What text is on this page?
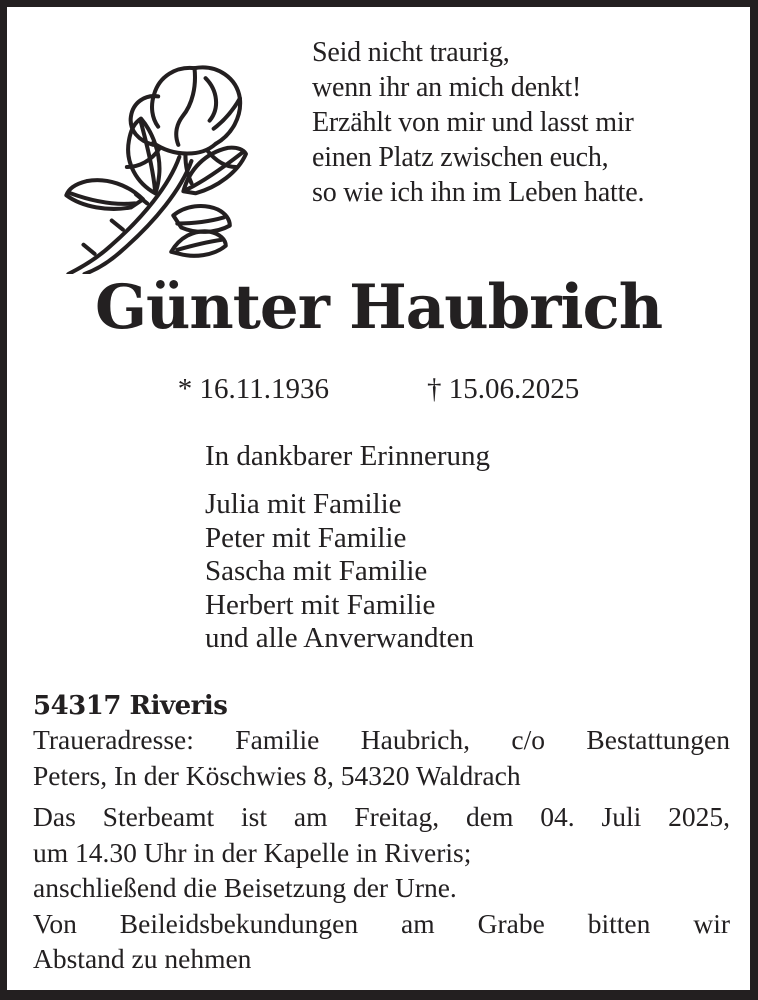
Seid nicht traurig,
wenn ihr an mich denkt!
Erzählt von mir und lasst mir
einen Platz zwischen euch,
so wie ich ihn im Leben hatte.
Günter Haubrich
* 16.11.1936	† 15.06.2025
In dankbarer Erinnerung
Julia mit Familie
Peter mit Familie
Sascha mit Familie
Herbert mit Familie
und alle Anverwandten
54317 Riveris
Traueradresse: Familie Haubrich, c/o Bestattungen
Peters, In der Köschwies 8, 54320 Waldrach
Das Sterbeamt ist am Freitag, dem 04. Juli 2025,
um 14.30 Uhr in der Kapelle in Riveris;
anschließend die Beisetzung der Urne.
Von Beileidsbekundungen am Grabe bitten wir
Abstand zu nehmen
